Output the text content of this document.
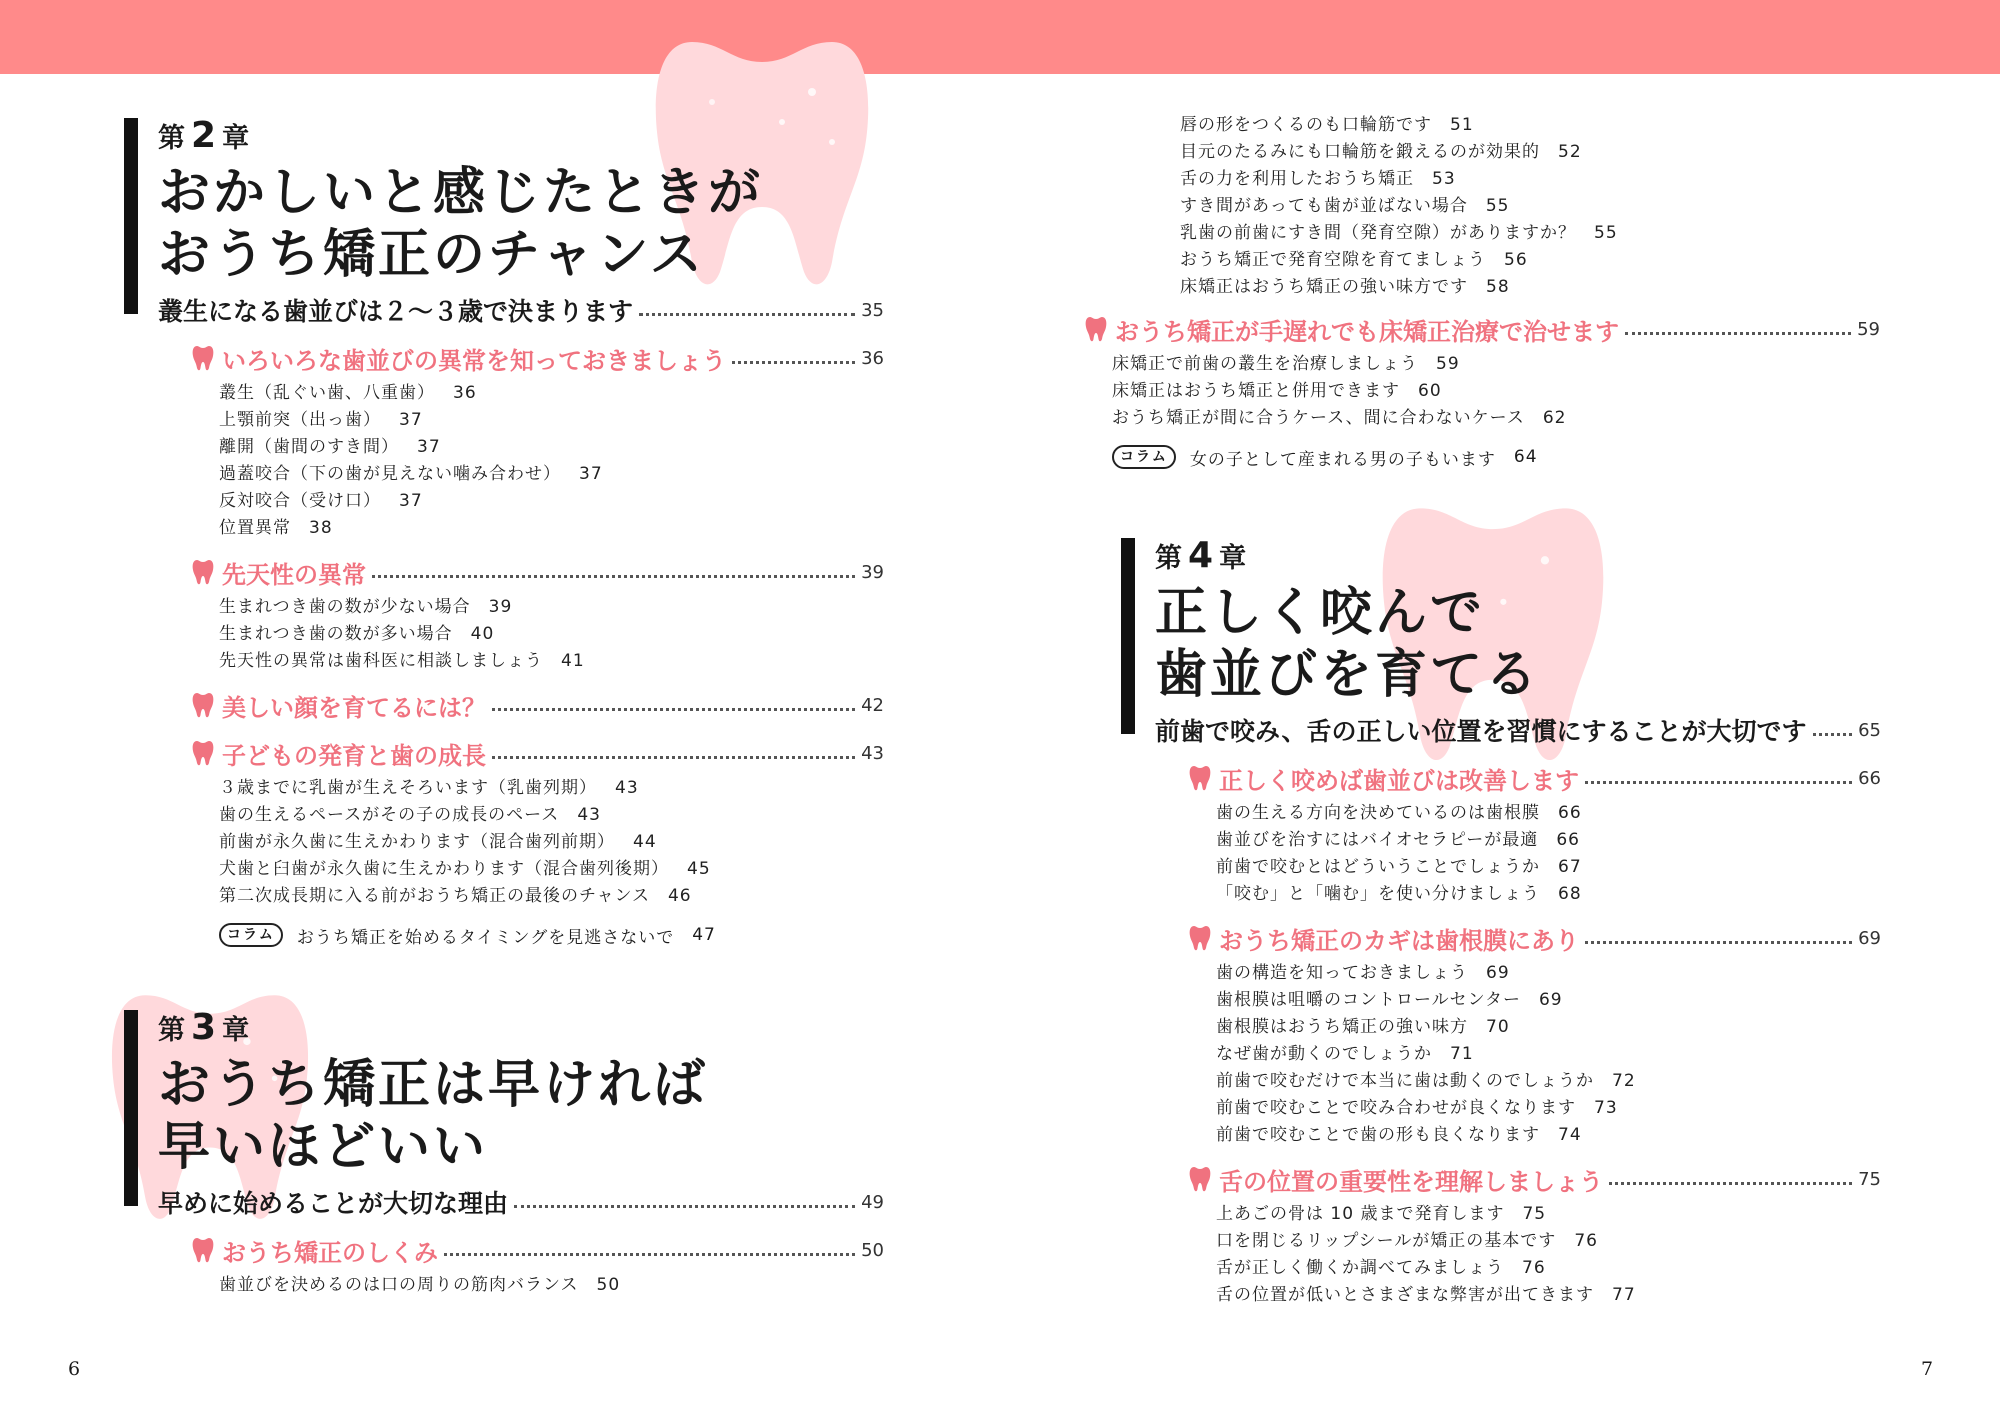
第 2 章
おかしいと感じたときが
おうち矯正のチャンス
叢生になる歯並びは２～３歳で決まります	35
いろいろな歯並びの異常を知っておきましょう	36
叢生（乱ぐい歯、八重歯） 36
上顎前突（出っ歯） 37
離開（歯間のすき間） 37
過蓋咬合（下の歯が見えない噛み合わせ） 37
反対咬合（受け口） 37
位置異常 38
先天性の異常	39
生まれつき歯の数が少ない場合 39
生まれつき歯の数が多い場合 40
先天性の異常は歯科医に相談しましょう 41
美しい顔を育てるには？	42
子どもの発育と歯の成長	43
３歳までに乳歯が生えそろいます（乳歯列期） 43
歯の生えるペースがその子の成長のペース 43
前歯が永久歯に生えかわります（混合歯列前期） 44
犬歯と臼歯が永久歯に生えかわります（混合歯列後期） 45
第二次成長期に入る前がおうち矯正の最後のチャンス 46
コラム	おうち矯正を始めるタイミングを見逃さないで 47
第 3 章
おうち矯正は早ければ
早いほどいい
早めに始めることが大切な理由	49
おうち矯正のしくみ	50
歯並びを決めるのは口の周りの筋肉バランス 50
唇の形をつくるのも口輪筋です 51
目元のたるみにも口輪筋を鍛えるのが効果的 52
舌の力を利用したおうち矯正 53
すき間があっても歯が並ばない場合 55
乳歯の前歯にすき間（発育空隙）がありますか？ 55
おうち矯正で発育空隙を育てましょう 56
床矯正はおうち矯正の強い味方です 58
おうち矯正が手遅れでも床矯正治療で治せます	59
床矯正で前歯の叢生を治療しましょう 59
床矯正はおうち矯正と併用できます 60
おうち矯正が間に合うケース、間に合わないケース 62
コラム	女の子として産まれる男の子もいます 64
第 4 章
正しく咬んで
歯並びを育てる
前歯で咬み、舌の正しい位置を習慣にすることが大切です	65
正しく咬めば歯並びは改善します	66
歯の生える方向を決めているのは歯根膜 66
歯並びを治すにはバイオセラピーが最適 66
前歯で咬むとはどういうことでしょうか 67
「咬む」と「噛む」を使い分けましょう 68
おうち矯正のカギは歯根膜にあり	69
歯の構造を知っておきましょう 69
歯根膜は咀嚼のコントロールセンター 69
歯根膜はおうち矯正の強い味方 70
なぜ歯が動くのでしょうか 71
前歯で咬むだけで本当に歯は動くのでしょうか 72
前歯で咬むことで咬み合わせが良くなります 73
前歯で咬むことで歯の形も良くなります 74
舌の位置の重要性を理解しましょう	75
上あごの骨は 10 歳まで発育します 75
口を閉じるリップシールが矯正の基本です 76
舌が正しく働くか調べてみましょう 76
舌の位置が低いとさまざまな弊害が出てきます 77
6	7
